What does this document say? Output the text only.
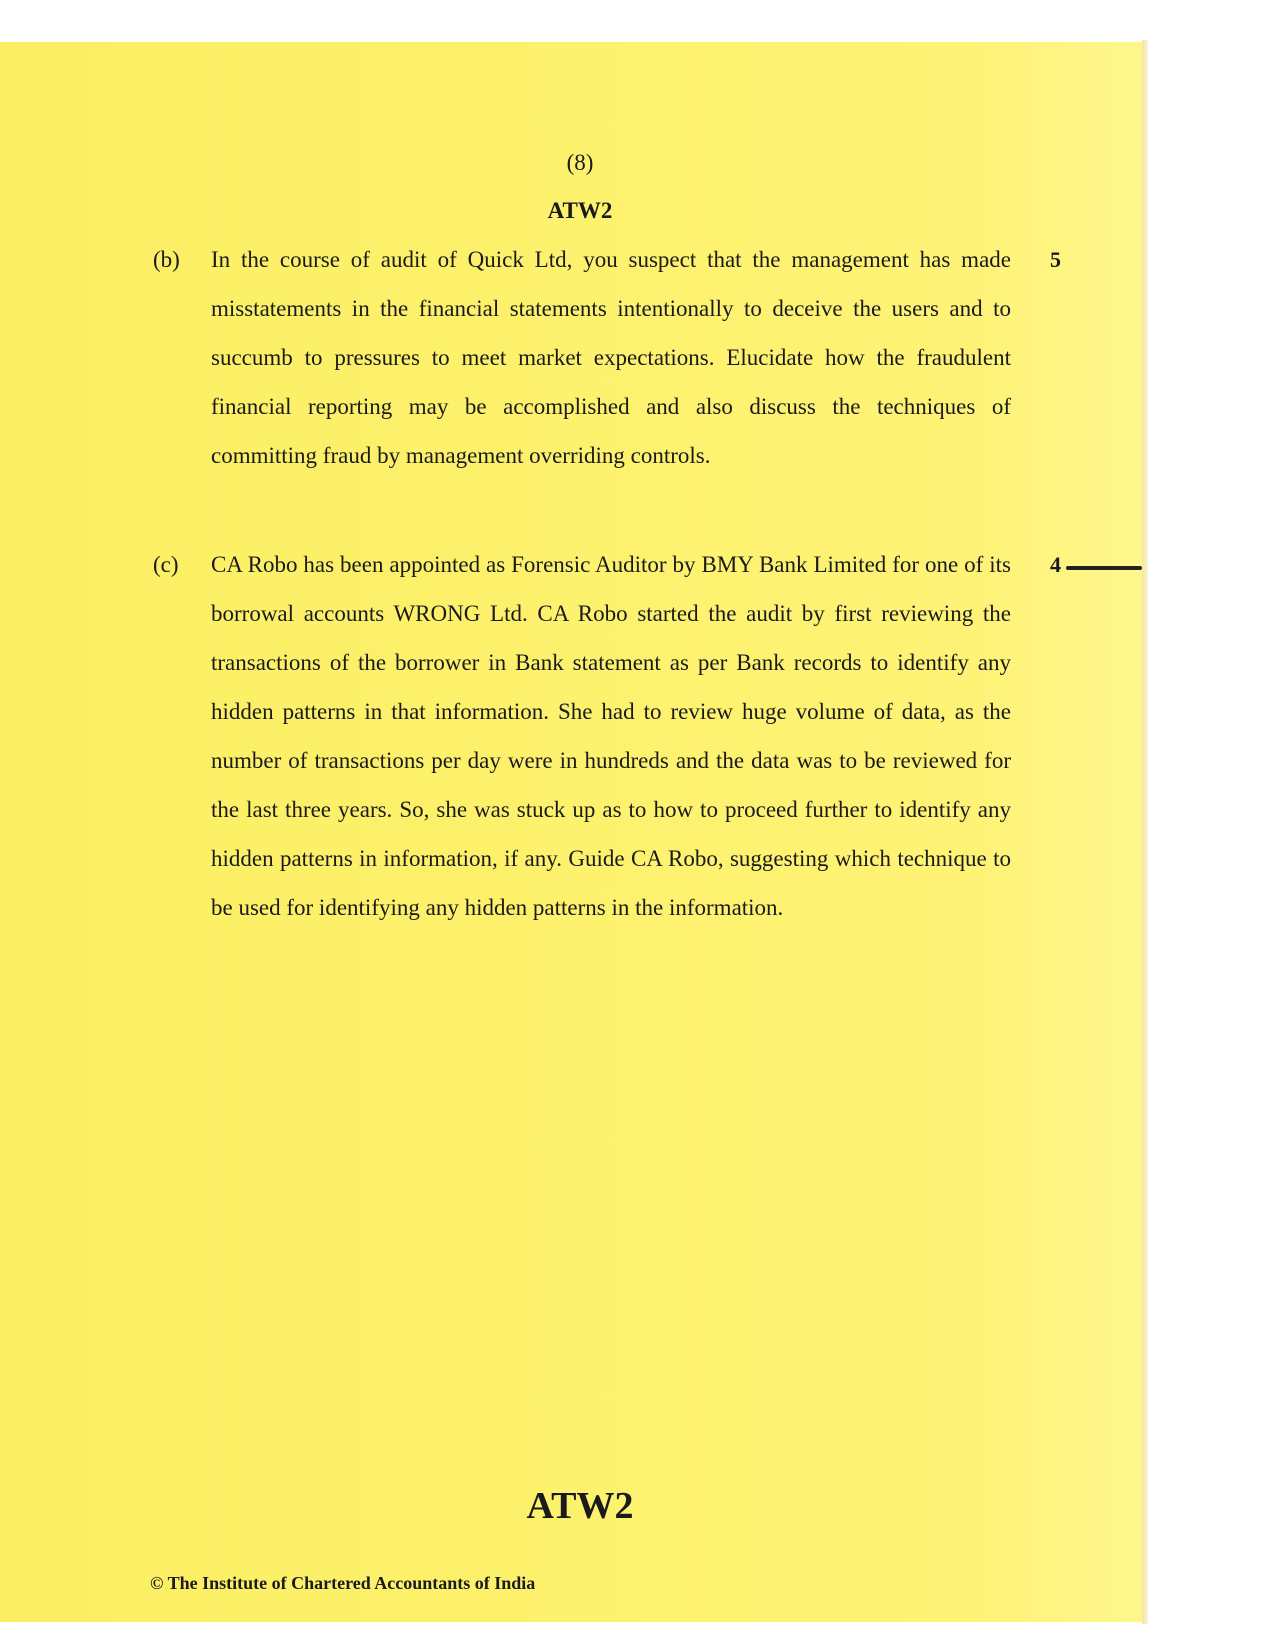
(8)
ATW2
(b) In the course of audit of Quick Ltd, you suspect that the management has made misstatements in the financial statements intentionally to deceive the users and to succumb to pressures to meet market expectations. Elucidate how the fraudulent financial reporting may be accomplished and also discuss the techniques of committing fraud by management overriding controls.
5
(c) CA Robo has been appointed as Forensic Auditor by BMY Bank Limited for one of its borrowal accounts WRONG Ltd. CA Robo started the audit by first reviewing the transactions of the borrower in Bank statement as per Bank records to identify any hidden patterns in that information. She had to review huge volume of data, as the number of transactions per day were in hundreds and the data was to be reviewed for the last three years. So, she was stuck up as to how to proceed further to identify any hidden patterns in information, if any. Guide CA Robo, suggesting which technique to be used for identifying any hidden patterns in the information.
4
ATW2
© The Institute of Chartered Accountants of India
